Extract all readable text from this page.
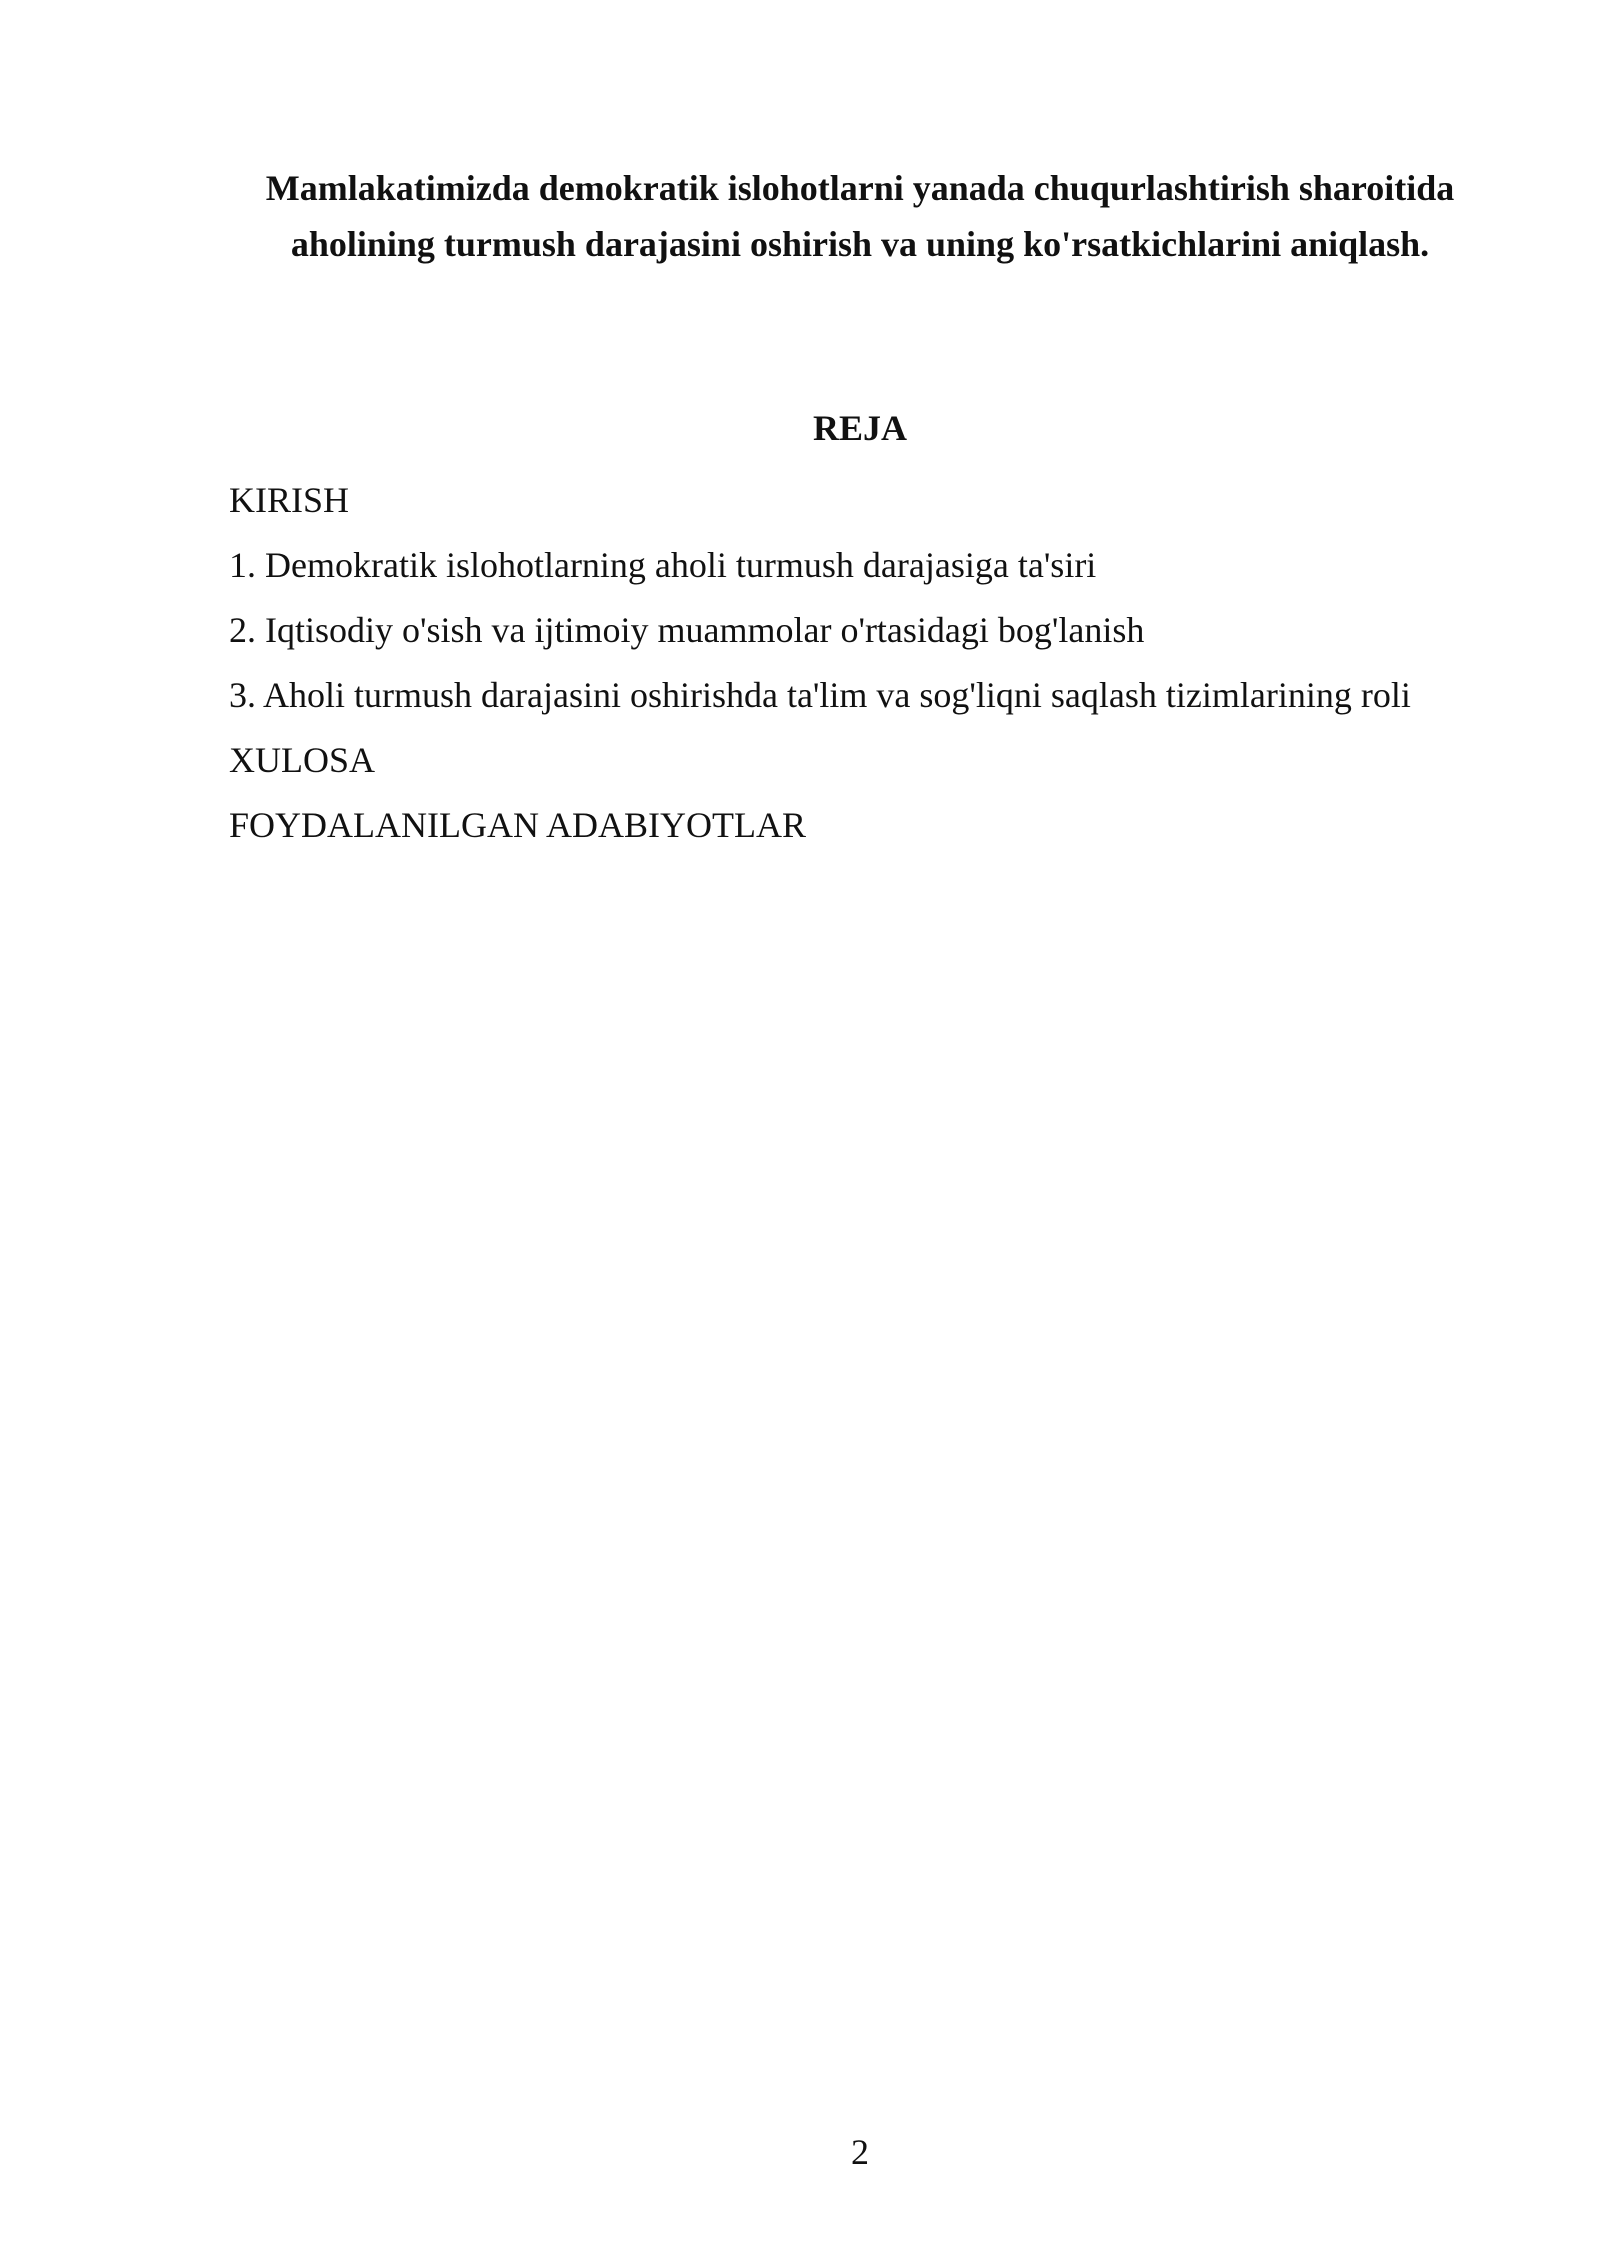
Mamlakatimizda demokratik islohotlarni yanada chuqurlashtirish sharoitida
aholining turmush darajasini oshirish va uning ko'rsatkichlarini aniqlash.
REJA
KIRISH
1. Demokratik islohotlarning aholi turmush darajasiga ta'siri
2. Iqtisodiy o'sish va ijtimoiy muammolar o'rtasidagi bog'lanish
3. Aholi turmush darajasini oshirishda ta'lim va sog'liqni saqlash tizimlarining roli
XULOSA
FOYDALANILGAN ADABIYOTLAR
2
